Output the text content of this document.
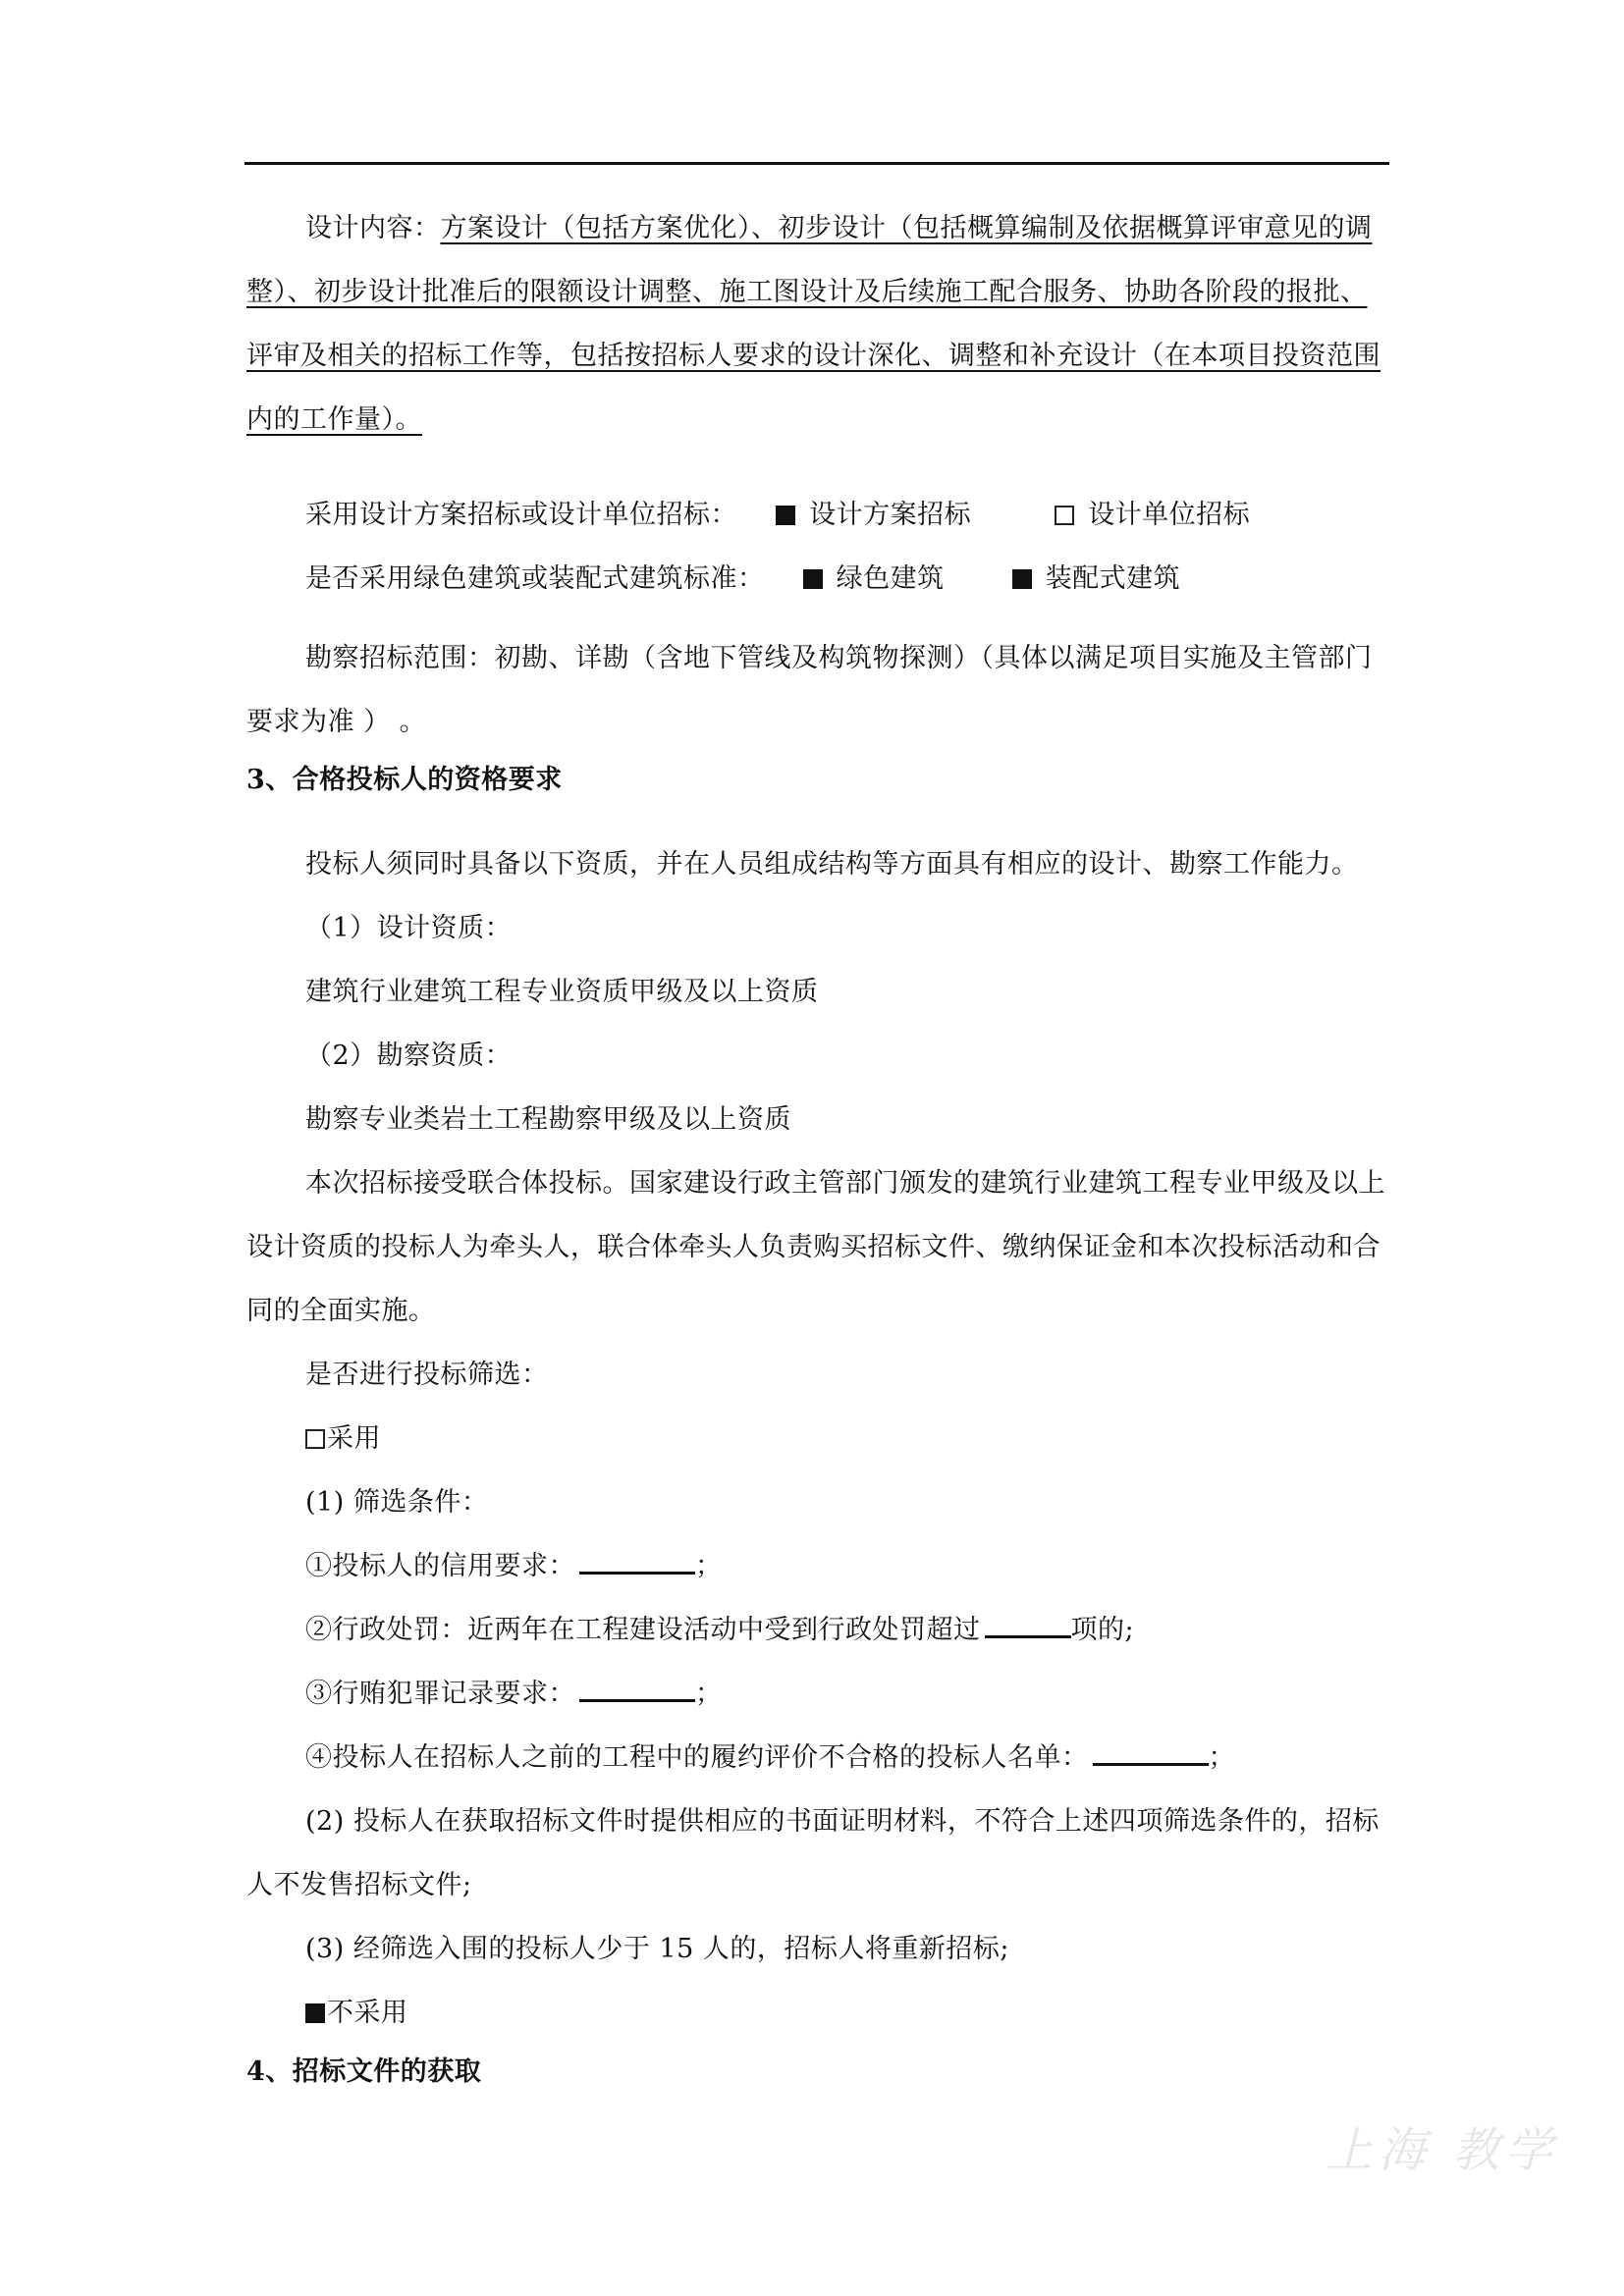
设计内容：方案设计（包括方案优化）、初步设计（包括概算编制及依据概算评审意见的调整）、初步设计批准后的限额设计调整、施工图设计及后续施工配合服务、协助各阶段的报批、评审及相关的招标工作等，包括按招标人要求的设计深化、调整和补充设计（在本项目投资范围内的工作量）。

采用设计方案招标或设计单位招标：	设计方案招标	设计单位招标

是否采用绿色建筑或装配式建筑标准：	绿色建筑	装配式建筑

勘察招标范围：初勘、详勘（含地下管线及构筑物探测）（具体以满足项目实施及主管部门要求为准 ） 。

3、合格投标人的资格要求

投标人须同时具备以下资质，并在人员组成结构等方面具有相应的设计、勘察工作能力。

（1）设计资质：

建筑行业建筑工程专业资质甲级及以上资质

（2）勘察资质：

勘察专业类岩土工程勘察甲级及以上资质

本次招标接受联合体投标。国家建设行政主管部门颁发的建筑行业建筑工程专业甲级及以上设计资质的投标人为牵头人，联合体牵头人负责购买招标文件、缴纳保证金和本次投标活动和合同的全面实施。

是否进行投标筛选：

采用

(1) 筛选条件：

①投标人的信用要求：	；

②行政处罚：近两年在工程建设活动中受到行政处罚超过	项的;

③行贿犯罪记录要求：	；

④投标人在招标人之前的工程中的履约评价不合格的投标人名单：	；

(2) 投标人在获取招标文件时提供相应的书面证明材料，不符合上述四项筛选条件的，招标人不发售招标文件;

(3) 经筛选入围的投标人少于 15 人的，招标人将重新招标;

不采用

4、招标文件的获取

上海 教学
